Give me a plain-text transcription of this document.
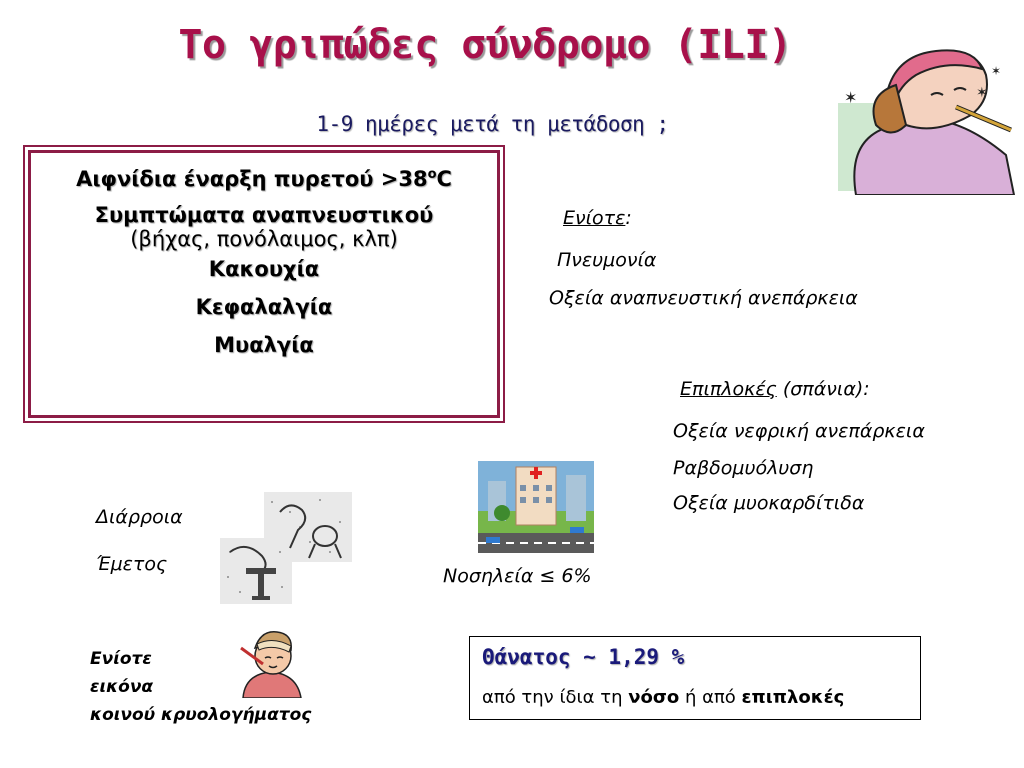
Το γριπώδες σύνδρομο (ILI)
1-9 ημέρες μετά τη μετάδοση ;
✶	✶
✶
Αιφνίδια έναρξη $\pi\upsilon\rho\varepsilon\tau oύ >38^oC$
Συμπτώματα αναπνευστικού
(βήχας, πονόλαιμος, κλπ)
Κακουχία
Κεφαλαλγία
Μυαλγία
Ενίοτε:
Πνευμονία
Οξεία αναπνευστική ανεπάρκεια
Επιπλοκές (σπάνια):
Οξεία νεφρική ανεπάρκεια
Ραβδομυόλυση
Οξεία μυοκαρδίτιδα
Διάρροια
Έμετος
Νοσηλεία ≤ 6%
Ενίοτε
εικόνα
κοινού κρυολογήματος
Θάνατος ~ 1,29 %
από την ίδια τη νόσο ή από επιπλοκές
